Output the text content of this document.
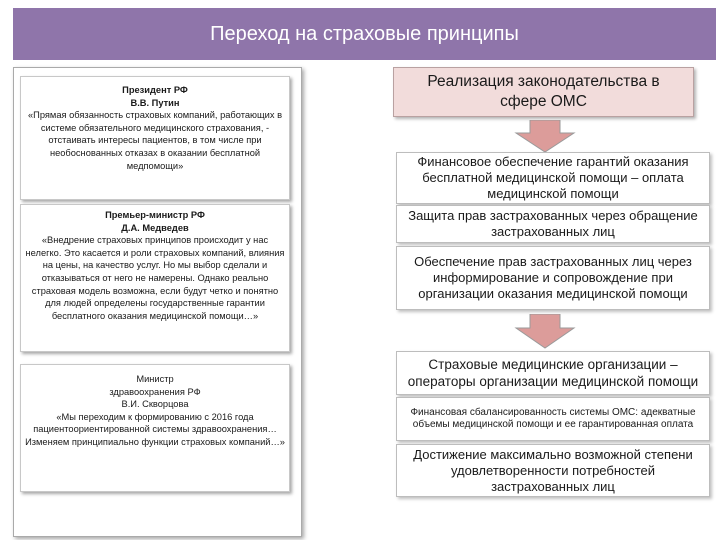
Переход на страховые принципы
Президент РФ
В.В. Путин
«Прямая обязанность страховых компаний, работающих в системе обязательного медицинского страхования, - отстаивать интересы пациентов, в том числе при необоснованных отказах в оказании бесплатной медпомощи»
Премьер-министр РФ
Д.А. Медведев
«Внедрение страховых принципов происходит у нас нелегко. Это касается и роли страховых компаний, влияния на цены, на качество услуг. Но мы выбор сделали и отказываться от него не намерены. Однако реально страховая модель возможна, если будут четко и понятно для людей определены государственные гарантии бесплатного оказания медицинской помощи…»
Министр
здравоохранения РФ
В.И. Скворцова
«Мы переходим к формированию с 2016 года пациентоориентированной системы здравоохранения…
Изменяем принципиально функции страховых компаний…»
Реализация законодательства в сфере ОМС
Финансовое обеспечение гарантий оказания бесплатной медицинской помощи – оплата медицинской помощи
Защита прав застрахованных через обращение застрахованных лиц
Обеспечение прав застрахованных лиц через информирование и сопровождение при организации оказания медицинской помощи
Страховые медицинские организации – операторы организации медицинской помощи
Финансовая сбалансированность системы ОМС: адекватные объемы медицинской помощи и ее гарантированная оплата
Достижение максимально возможной степени удовлетворенности потребностей застрахованных лиц
